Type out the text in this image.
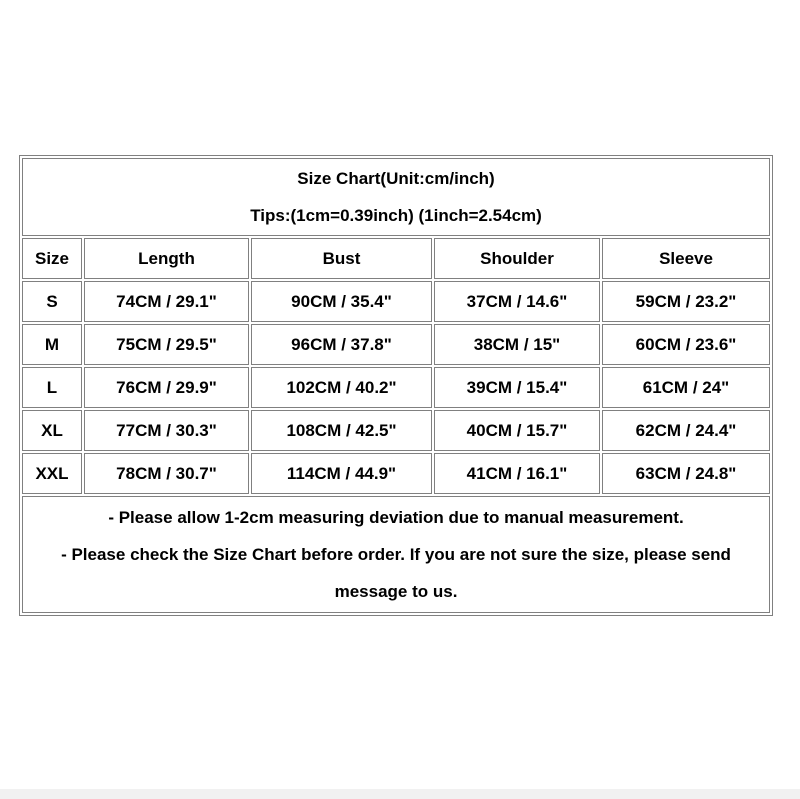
Size Chart(Unit:cm/inch)
Tips:(1cm=0.39inch) (1inch=2.54cm)				

Size	Length	Bust	Shoulder	Sleeve
S	74CM / 29.1"	90CM / 35.4"	37CM / 14.6"	59CM / 23.2"
M	75CM / 29.5"	96CM / 37.8"	38CM / 15"	60CM / 23.6"
L	76CM / 29.9"	102CM / 40.2"	39CM / 15.4"	61CM / 24"
XL	77CM / 30.3"	108CM / 42.5"	40CM / 15.7"	62CM / 24.4"
XXL	78CM / 30.7"	114CM / 44.9"	41CM / 16.1"	63CM / 24.8"

- Please allow 1-2cm measuring deviation due to manual measurement.
- Please check the Size Chart before order. If you are not sure the size, please send message to us.				
